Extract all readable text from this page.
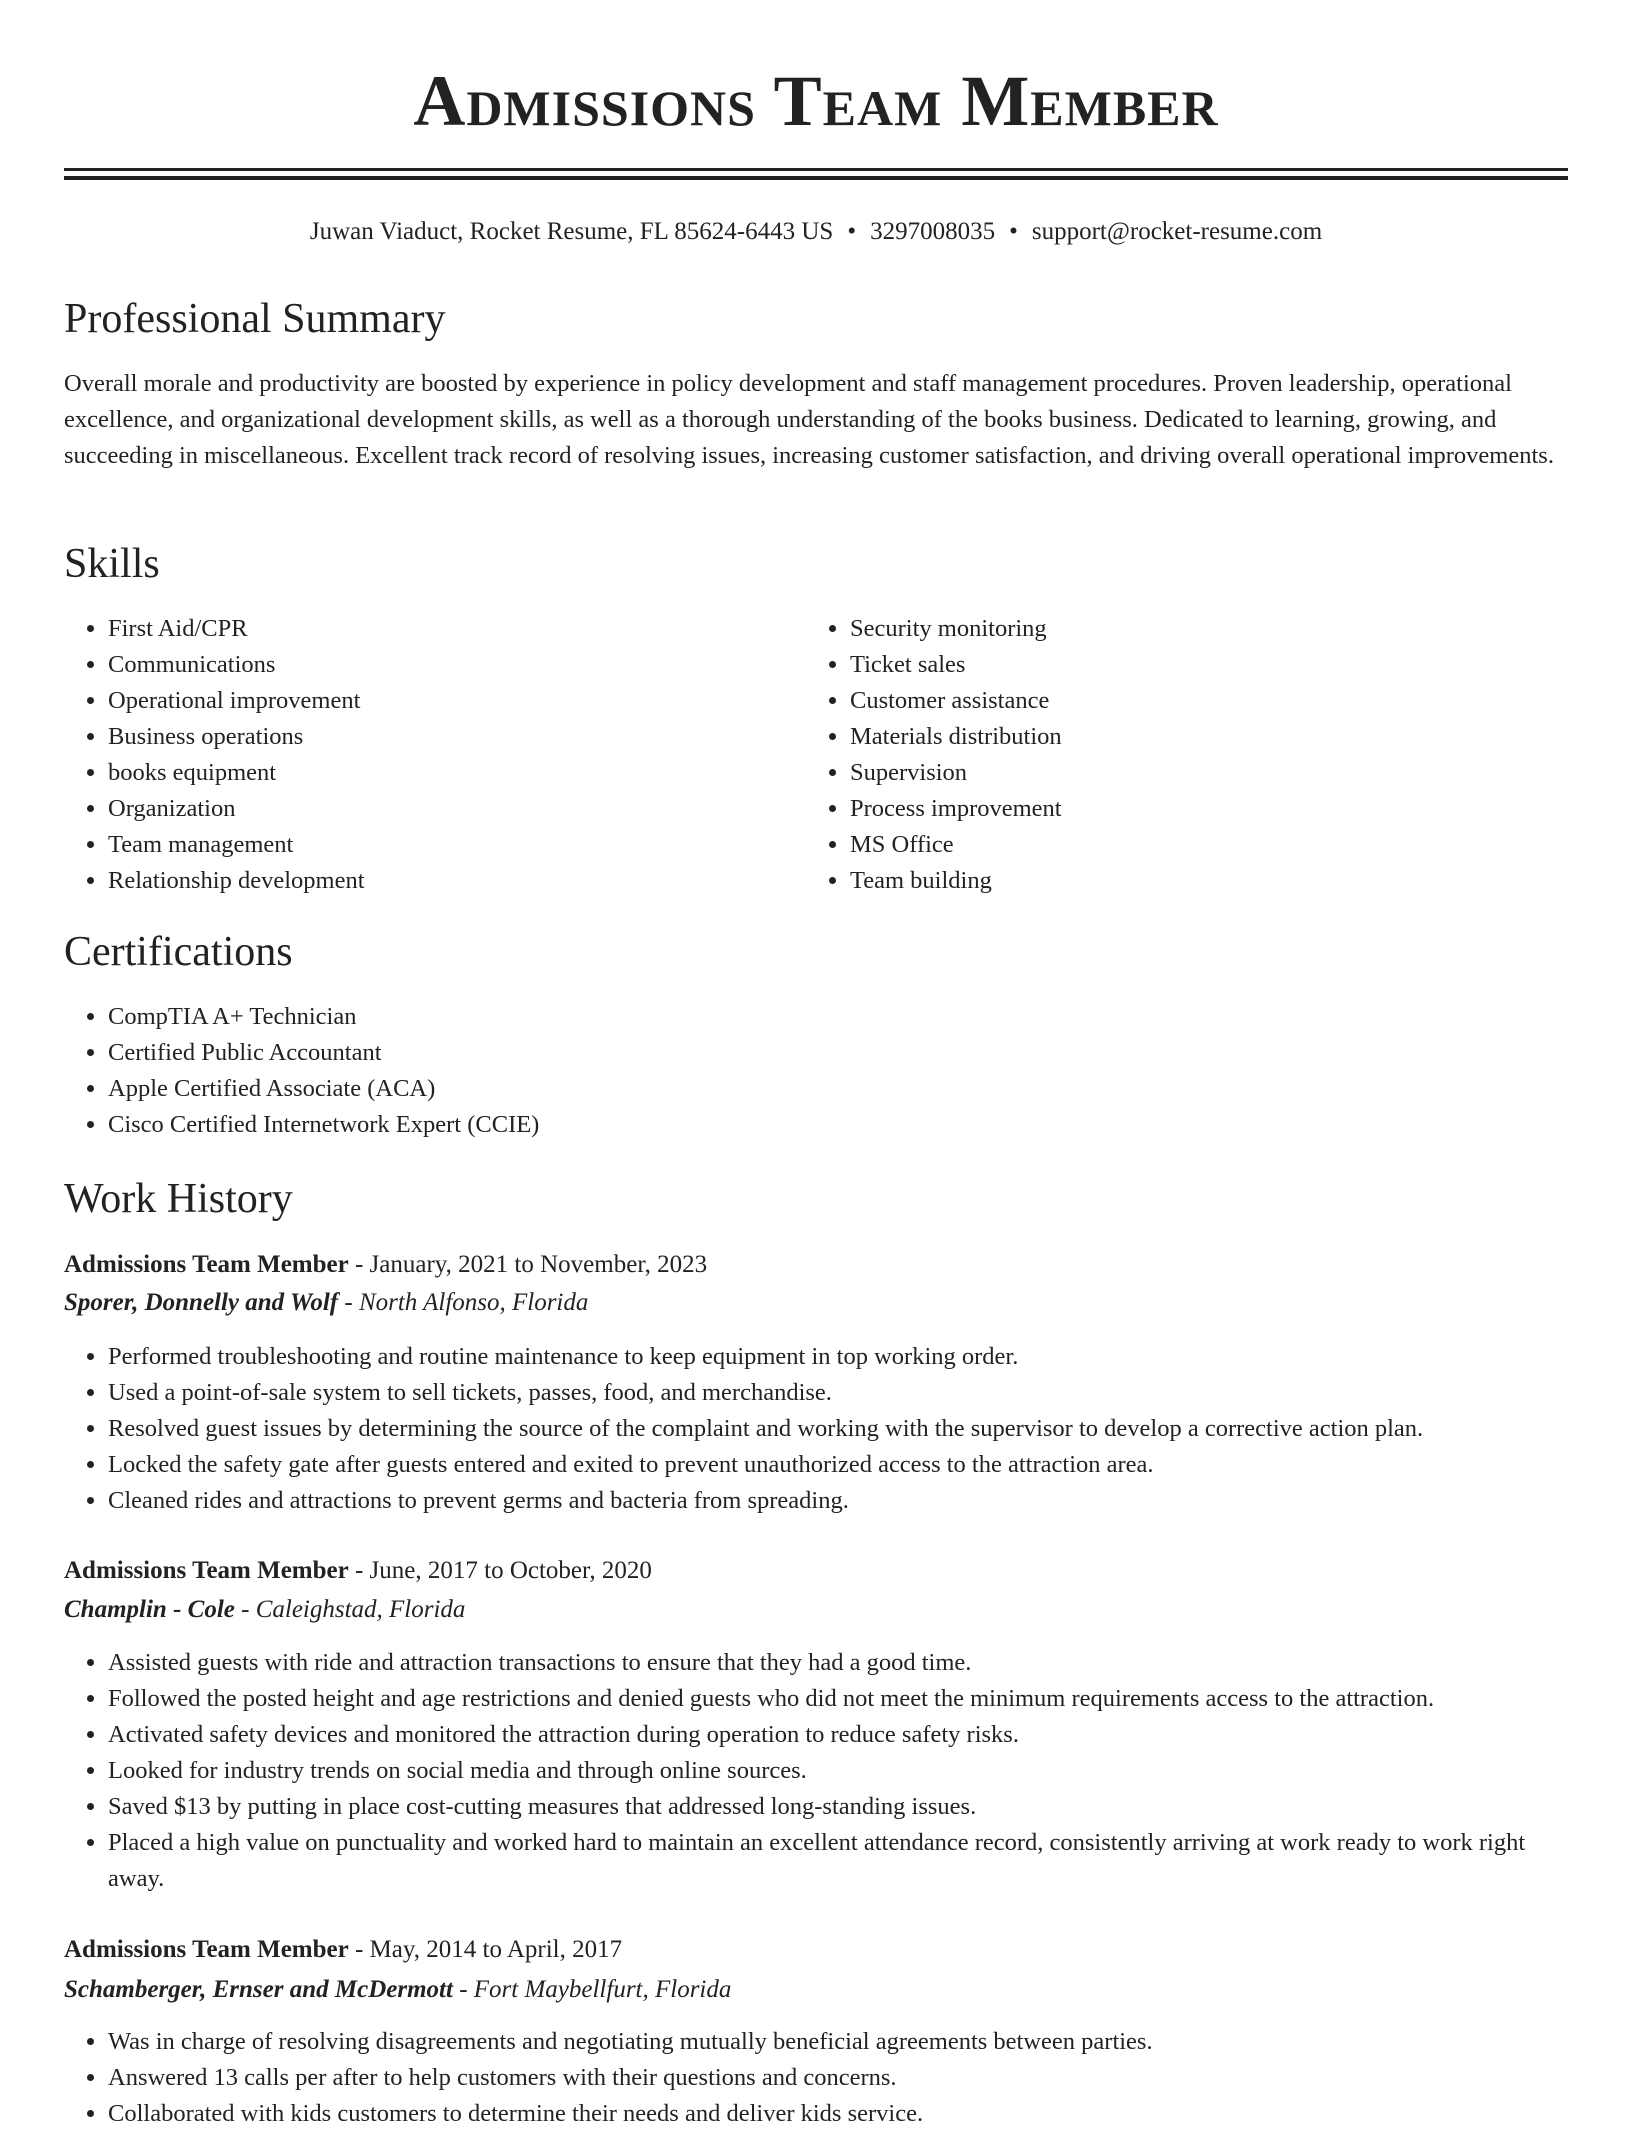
Admissions Team Member
Juwan Viaduct, Rocket Resume, FL 85624-6443 US • 3297008035 • support@rocket-resume.com
Professional Summary

Overall morale and productivity are boosted by experience in policy development and staff management procedures. Proven leadership, operational excellence, and organizational development skills, as well as a thorough understanding of the books business. Dedicated to learning, growing, and succeeding in miscellaneous. Excellent track record of resolving issues, increasing customer satisfaction, and driving overall operational improvements.

Skills
• First Aid/CPR
• Communications
• Operational improvement
• Business operations
• books equipment
• Organization
• Team management
• Relationship development
• Security monitoring
• Ticket sales
• Customer assistance
• Materials distribution
• Supervision
• Process improvement
• MS Office
• Team building
Certifications
• CompTIA A+ Technician
• Certified Public Accountant
• Apple Certified Associate (ACA)
• Cisco Certified Internetwork Expert (CCIE)
Work History
Admissions Team Member - January, 2021 to November, 2023
Sporer, Donnelly and Wolf - North Alfonso, Florida
• Performed troubleshooting and routine maintenance to keep equipment in top working order.
• Used a point-of-sale system to sell tickets, passes, food, and merchandise.
• Resolved guest issues by determining the source of the complaint and working with the supervisor to develop a corrective action plan.
• Locked the safety gate after guests entered and exited to prevent unauthorized access to the attraction area.
• Cleaned rides and attractions to prevent germs and bacteria from spreading.
Admissions Team Member - June, 2017 to October, 2020
Champlin - Cole - Caleighstad, Florida
• Assisted guests with ride and attraction transactions to ensure that they had a good time.
• Followed the posted height and age restrictions and denied guests who did not meet the minimum requirements access to the attraction.
• Activated safety devices and monitored the attraction during operation to reduce safety risks.
• Looked for industry trends on social media and through online sources.
• Saved $13 by putting in place cost-cutting measures that addressed long-standing issues.
• Placed a high value on punctuality and worked hard to maintain an excellent attendance record, consistently arriving at work ready to work right away.
Admissions Team Member - May, 2014 to April, 2017
Schamberger, Ernser and McDermott - Fort Maybellfurt, Florida
• Was in charge of resolving disagreements and negotiating mutually beneficial agreements between parties.
• Answered 13 calls per after to help customers with their questions and concerns.
• Collaborated with kids customers to determine their needs and deliver kids service.
